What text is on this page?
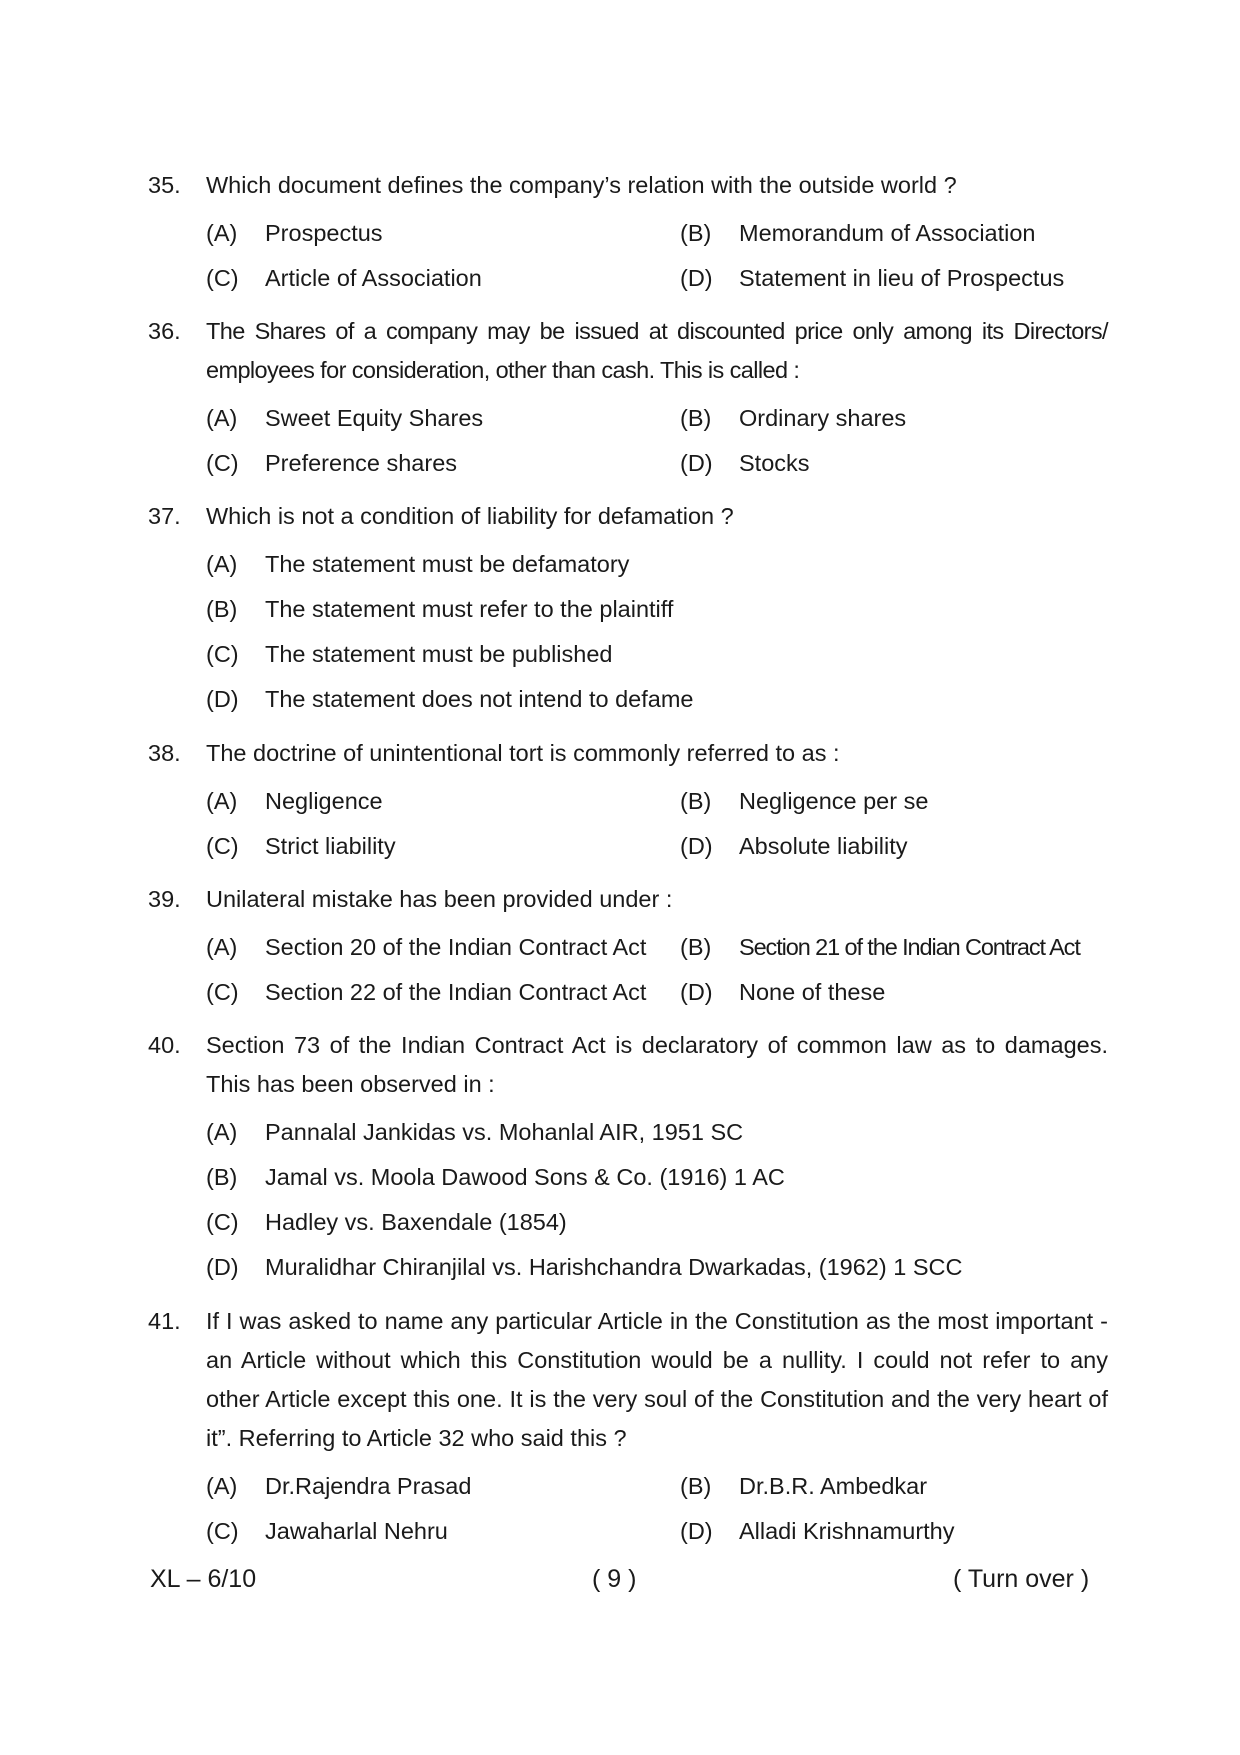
35. Which document defines the company’s relation with the outside world ?
(A)	Prospectus	(B)	Memorandum of Association
(C)	Article of Association	(D)	Statement in lieu of Prospectus
36. The Shares of a company may be issued at discounted price only among its Directors/ employees for consideration, other than cash. This is called :
(A)	Sweet Equity Shares	(B)	Ordinary shares
(C)	Preference shares	(D)	Stocks
37. Which is not a condition of liability for defamation ?
(A)	The statement must be defamatory
(B)	The statement must refer to the plaintiff
(C)	The statement must be published
(D)	The statement does not intend to defame
38. The doctrine of unintentional tort is commonly referred to as :
(A)	Negligence	(B)	Negligence per se
(C)	Strict liability	(D)	Absolute liability
39. Unilateral mistake has been provided under :
(A)	Section 20 of the Indian Contract Act (B)	Section 21 of the Indian Contract Act
(C)	Section 22 of the Indian Contract Act (D)	None of these
40. Section 73 of the Indian Contract Act is declaratory of common law as to damages. This has been observed in :
(A)	Pannalal Jankidas vs. Mohanlal AIR, 1951 SC
(B)	Jamal vs. Moola Dawood Sons & Co. (1916) 1 AC
(C)	Hadley vs. Baxendale (1854)
(D)	Muralidhar Chiranjilal vs. Harishchandra Dwarkadas, (1962) 1 SCC
41. If I was asked to name any particular Article in the Constitution as the most important - an Article without which this Constitution would be a nullity. I could not refer to any other Article except this one. It is the very soul of the Constitution and the very heart of it”. Referring to Article 32 who said this ?
(A)	Dr.Rajendra Prasad	(B)	Dr.B.R. Ambedkar
(C)	Jawaharlal Nehru	(D)	Alladi Krishnamurthy
XL – 6/10	( 9 )	( Turn over )
